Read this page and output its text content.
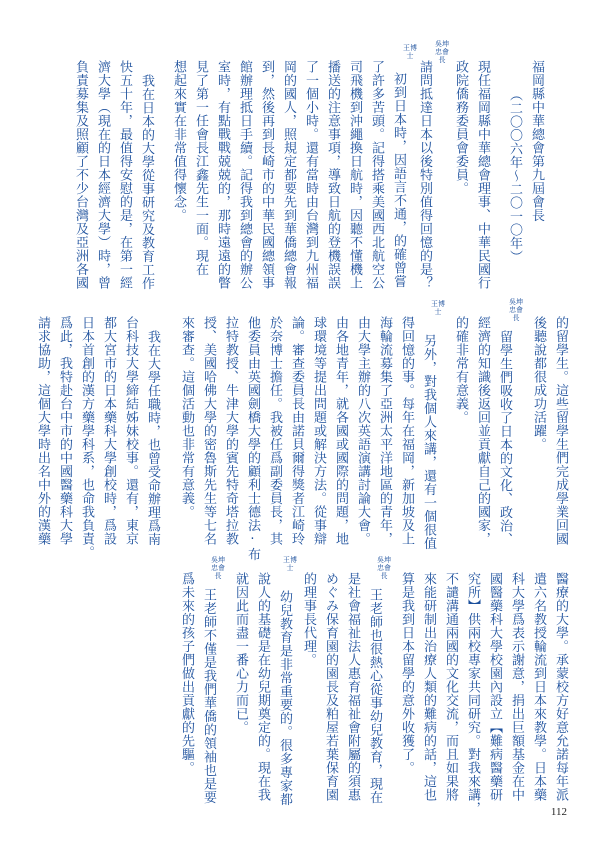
福岡縣中華總會第九屆會長
（二〇〇六年～二〇一〇年）
現任福岡縣中華總會理事、中華民國行
政院僑務委員會委員。
吳坤忠會長
請問抵達日本以後特別值得回憶的是？
王博士
初到日本時，因語言不通，的確曾嘗
了許多苦頭。記得搭乘美國西北航空公
司飛機到沖繩換日航時，因聽不懂機上
播送的注意事項，導致日航的登機誤誤
了一個小時。還有當時由台灣到九州福
岡的國人，照規定都要先到華僑總會報
到，然後再到長崎市的中華民國總領事
館辦理抵日手續。記得我到總會的辦公
室時，有點戰戰兢兢的，那時遠遠的瞥
見了第一任會長江鑫先生一面。現在
想起來實在非常值得懷念。
我在日本的大學從事研究及教育工作
快五十年，最值得安慰的是，在第一經
濟大學（現在的日本經濟大學）時，曾
負責募集及照顧了不少台灣及亞洲各國
的留學生。這些留學生們完成學業回國
後聽說都很成功活躍。
吳坤忠會長
留學生們吸收了日本的文化、政治、
經濟的知識後返回並貢獻自己的國家，
的確非常有意義。
王博士
另外，對我個人來講，還有一個很值
得回憶的事。每年在福岡，新加坡及上
海輪流募集了亞洲太平洋地區的青年，
由大學主辦的八次英語演講討論大會。
由各地青年，就各國或國際的問題，地
球環境等提出問題或解決方法。從事辯
論。審查委員長由諾貝爾得獎者江崎玲
於奈博士擔任。我被任爲副委員長，其
他委員由英國劍橋大學的顧利士德法·布
拉特教授、牛津大學的賓先特奇塔拉教
授、美國哈佛大學的密魯斯先生等七名
來審查。這個活動也非常有意義。
我在大學任職時，也曾受命辦理爲南
台科技大學締結姊妹校事。還有，東京
都大宮市的日本藥科大學創校時，爲設
日本首創的漢方藥學科系，也命我負責。
爲此，我特赴台中市的中國醫藥科大學
請求協助，這個大學時出名中外的漢藥
醫療的大學。承蒙校方好意允諾每年派
遣六名教授輪流到日本來教學。日本藥
科大學爲表示謝意，捐出巨額基金在中
國醫藥科大學校園內設立【難病醫藥研
究所】供兩校專家共同研究。對我來講，
不譴溝通兩國的文化交流，而且如果將
來能研制出治療人類的難病的話，這也
算是我到日本留學的意外收獲了。
吳坤忠會長
王老師也很熱心從事幼兒教育，現在
是社會福祉法人惠育福祉會附屬的須惠
めぐみ保育園的園長及粕屋若葉保育園
的理事長代理。
王博士
幼兒教育是非常重要的。很多專家都
說人的基礎是在幼兒期奠定的。現在我
就因此而盡一番心力而已。
吳坤忠會長
王老師不僅是我們華僑的領袖也是要
爲未來的孩子們做出貢獻的先驅。
112
